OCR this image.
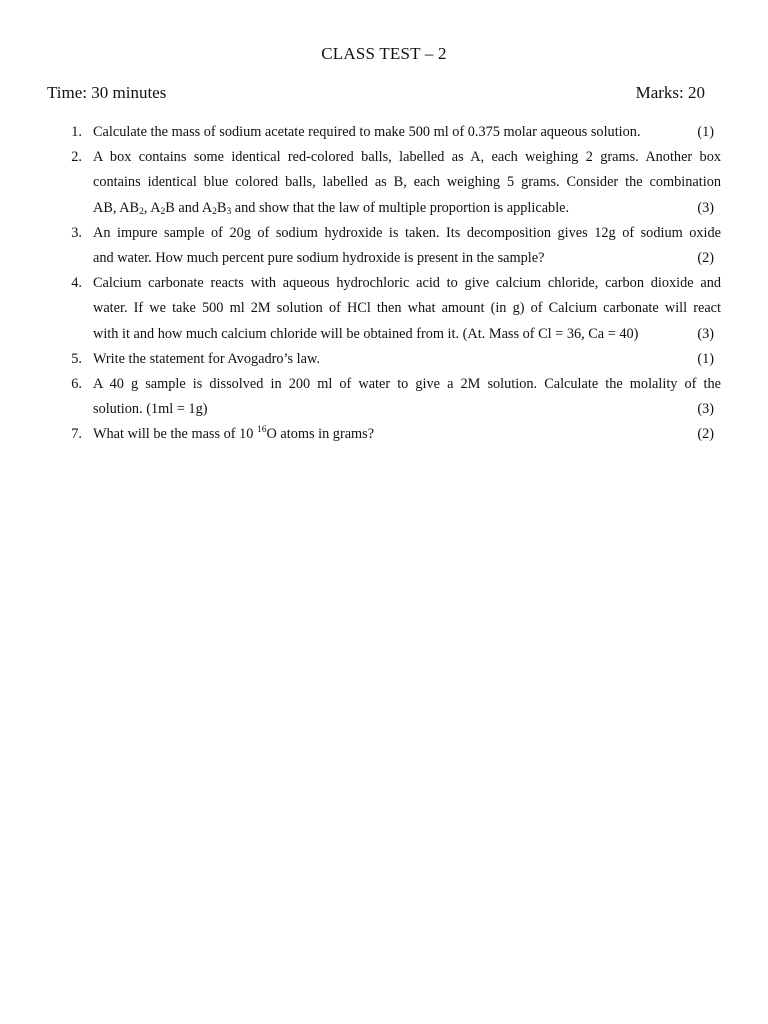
CLASS TEST – 2
Time: 30 minutes	Marks: 20
1. Calculate the mass of sodium acetate required to make 500 ml of 0.375 molar aqueous solution.	(1)
2. A box contains some identical red-colored balls, labelled as A, each weighing 2 grams. Another box
contains identical blue colored balls, labelled as B, each weighing 5 grams. Consider the combination
AB, $AB_2$, $A_2B$ and $A_2B_3$ and show that the law of multiple proportion is applicable.	(3)
3. An impure sample of 20g of sodium hydroxide is taken. Its decomposition gives 12g of sodium oxide
and water. How much percent pure sodium hydroxide is present in the sample?	(2)
4. Calcium carbonate reacts with aqueous hydrochloric acid to give calcium chloride, carbon dioxide and
water. If we take 500 ml 2M solution of HCl then what amount (in g) of Calcium carbonate will react
with it and how much calcium chloride will be obtained from it. (At. Mass of Cl = 36, Ca = 40)	(3)
5. Write the statement for Avogadro’s law.	(1)
6. A 40 g sample is dissolved in 200 ml of water to give a 2M solution. Calculate the molality of the
solution. (1ml = 1g)	(3)
7. What will be the mass of 10 $^{16}$O atoms in grams?	(2)
